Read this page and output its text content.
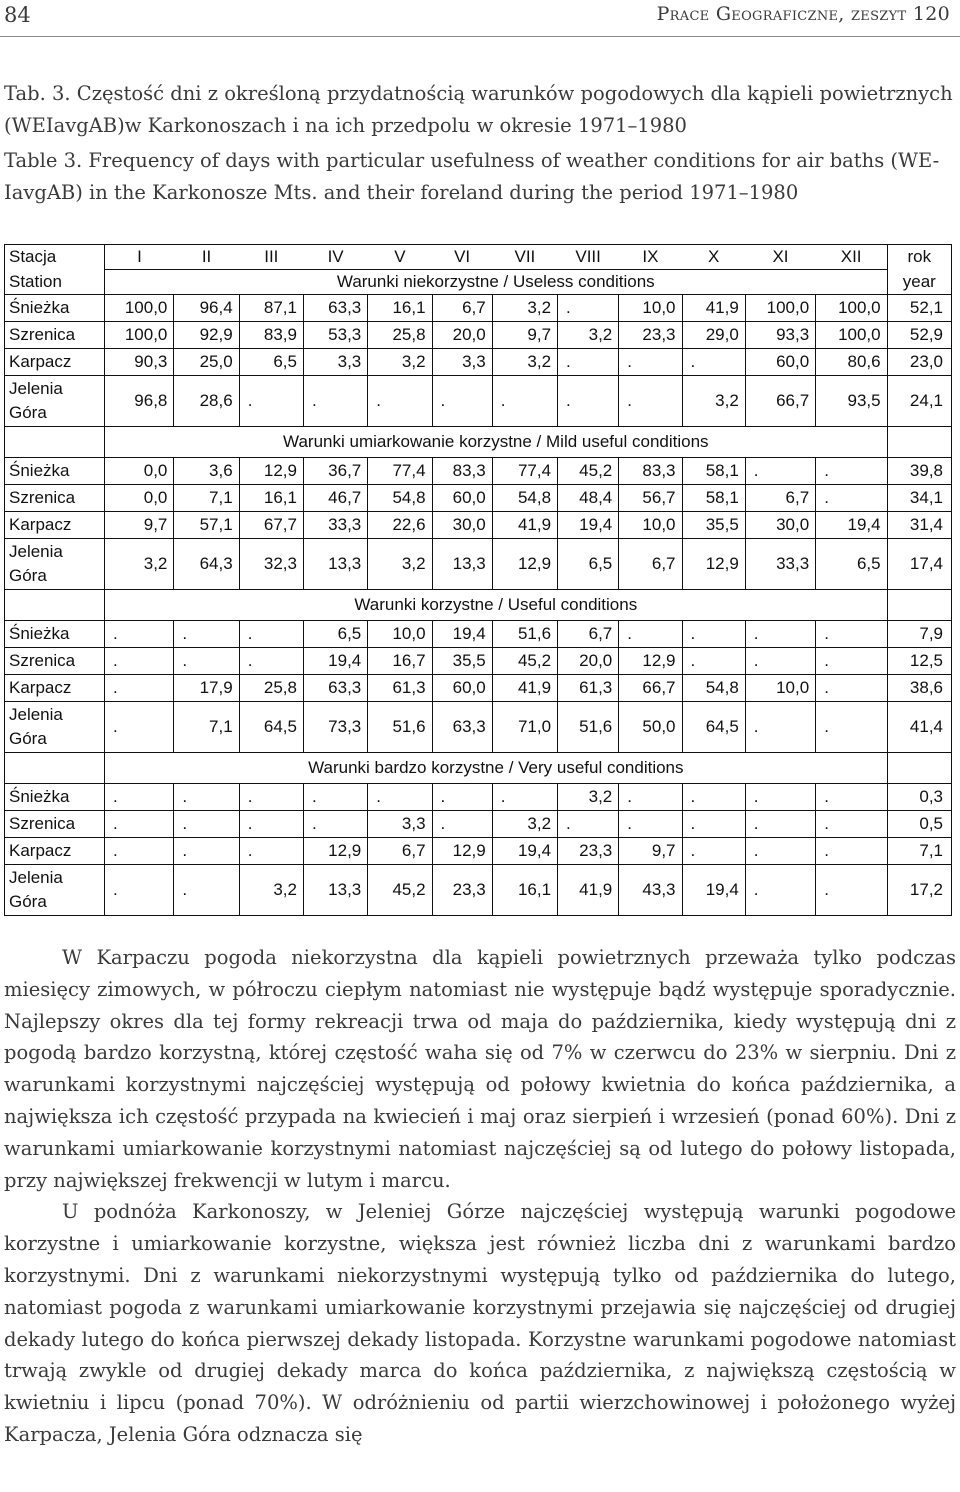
84	Prace Geograficzne, zeszyt 120

Tab. 3. Częstość dni z określoną przydatnością warunków pogodowych dla kąpieli powietrznych (WEIavgAB)w Karkonoszach i na ich przedpolu w okresie 1971–1980

Table 3. Frequency of days with particular usefulness of weather conditions for air baths (WE-IavgAB) in the Karkonosze Mts. and their foreland during the period 1971–1980

Stacja	I	II	III	IV	V	VI	VII	VIII	IX	X	XI	XII	rok
Station	Warunki niekorzystne / Useless conditions												year
Śnieżka	100,0	96,4	87,1	63,3	16,1	6,7	3,2	.	10,0	41,9	100,0	100,0	52,1
Szrenica	100,0	92,9	83,9	53,3	25,8	20,0	9,7	3,2	23,3	29,0	93,3	100,0	52,9
Karpacz	90,3	25,0	6,5	3,3	3,2	3,3	3,2	.	.	.	60,0	80,6	23,0

Jelenia
Góra	96,8	28,6	.	.	.	.	.	.	.	3,2	66,7	93,5	24,1
	Warunki umiarkowanie korzystne / Mild useful conditions												
Śnieżka	0,0	3,6	12,9	36,7	77,4	83,3	77,4	45,2	83,3	58,1	.	.	39,8
Szrenica	0,0	7,1	16,1	46,7	54,8	60,0	54,8	48,4	56,7	58,1	6,7	.	34,1
Karpacz	9,7	57,1	67,7	33,3	22,6	30,0	41,9	19,4	10,0	35,5	30,0	19,4	31,4

Jelenia
Góra	3,2	64,3	32,3	13,3	3,2	13,3	12,9	6,5	6,7	12,9	33,3	6,5	17,4
	Warunki korzystne / Useful conditions												
Śnieżka	.	.	.	6,5	10,0	19,4	51,6	6,7	.	.	.	.	7,9
Szrenica	.	.	.	19,4	16,7	35,5	45,2	20,0	12,9	.	.	.	12,5
Karpacz	.	17,9	25,8	63,3	61,3	60,0	41,9	61,3	66,7	54,8	10,0	.	38,6

Jelenia
Góra	.	7,1	64,5	73,3	51,6	63,3	71,0	51,6	50,0	64,5	.	.	41,4
	Warunki bardzo korzystne / Very useful conditions												
Śnieżka	.	.	.	.	.	.	.	3,2	.	.	.	.	0,3
Szrenica	.	.	.	.	3,3	.	3,2	.	.	.	.	.	0,5
Karpacz	.	.	.	12,9	6,7	12,9	19,4	23,3	9,7	.	.	.	7,1

Jelenia
Góra	.	.	3,2	13,3	45,2	23,3	16,1	41,9	43,3	19,4	.	.	17,2

W Karpaczu pogoda niekorzystna dla kąpieli powietrznych przeważa tylko podczas miesięcy zimowych, w półroczu ciepłym natomiast nie występuje bądź występuje sporadycznie. Najlepszy okres dla tej formy rekreacji trwa od maja do października, kiedy występują dni z pogodą bardzo korzystną, której częstość waha się od 7% w czerwcu do 23% w sierpniu. Dni z warunkami korzystnymi najczęściej występują od połowy kwietnia do końca października, a największa ich częstość przypada na kwiecień i maj oraz sierpień i wrzesień (ponad 60%). Dni z warunkami umiarkowanie korzystnymi natomiast najczęściej są od lutego do połowy listopada, przy największej frekwencji w lutym i marcu.

U podnóża Karkonoszy, w Jeleniej Górze najczęściej występują warunki pogodowe korzystne i umiarkowanie korzystne, większa jest również liczba dni z warunkami bardzo korzystnymi. Dni z warunkami niekorzystnymi występują tylko od października do lutego, natomiast pogoda z warunkami umiarkowanie korzystnymi przejawia się najczęściej od drugiej dekady lutego do końca pierwszej dekady listopada. Korzystne warunkami pogodowe natomiast trwają zwykle od drugiej dekady marca do końca października, z największą częstością w kwietniu i lipcu (ponad 70%). W odróżnieniu od partii wierzchowinowej i położonego wyżej Karpacza, Jelenia Góra odznacza się
